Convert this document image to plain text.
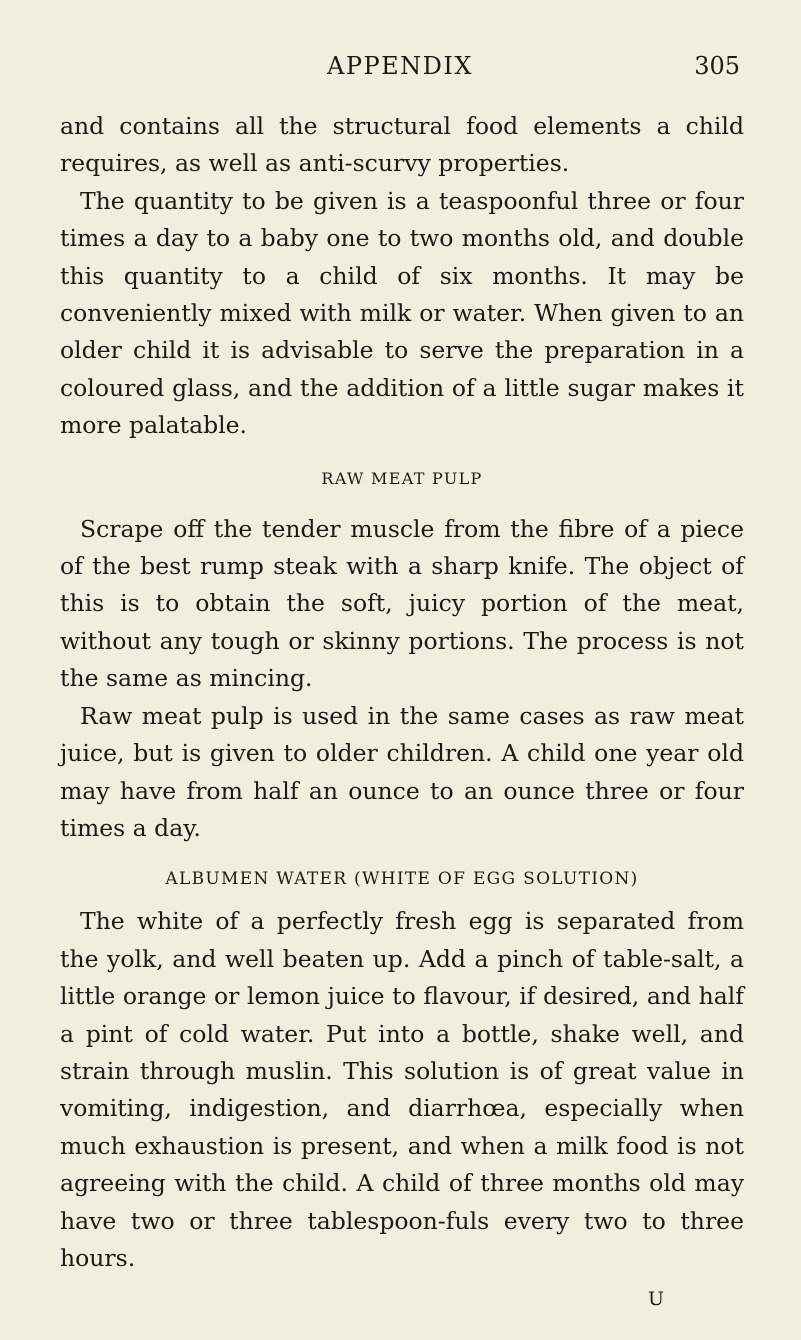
APPENDIX	305

and contains all the structural food elements a child requires, as well as anti-scurvy properties.

The quantity to be given is a teaspoonful three or four times a day to a baby one to two months old, and double this quantity to a child of six months. It may be conveniently mixed with milk or water. When given to an older child it is advisable to serve the preparation in a coloured glass, and the addition of a little sugar makes it more palatable.

RAW MEAT PULP

Scrape off the tender muscle from the fibre of a piece of the best rump steak with a sharp knife. The object of this is to obtain the soft, juicy portion of the meat, without any tough or skinny portions. The process is not the same as mincing.

Raw meat pulp is used in the same cases as raw meat juice, but is given to older children. A child one year old may have from half an ounce to an ounce three or four times a day.

ALBUMEN WATER (WHITE OF EGG SOLUTION)

The white of a perfectly fresh egg is separated from the yolk, and well beaten up. Add a pinch of table-salt, a little orange or lemon juice to flavour, if desired, and half a pint of cold water. Put into a bottle, shake well, and strain through muslin. This solution is of great value in vomiting, indigestion, and diarrhœa, especially when much exhaustion is present, and when a milk food is not agreeing with the child. A child of three months old may have two or three tablespoon-fuls every two to three hours.

U
